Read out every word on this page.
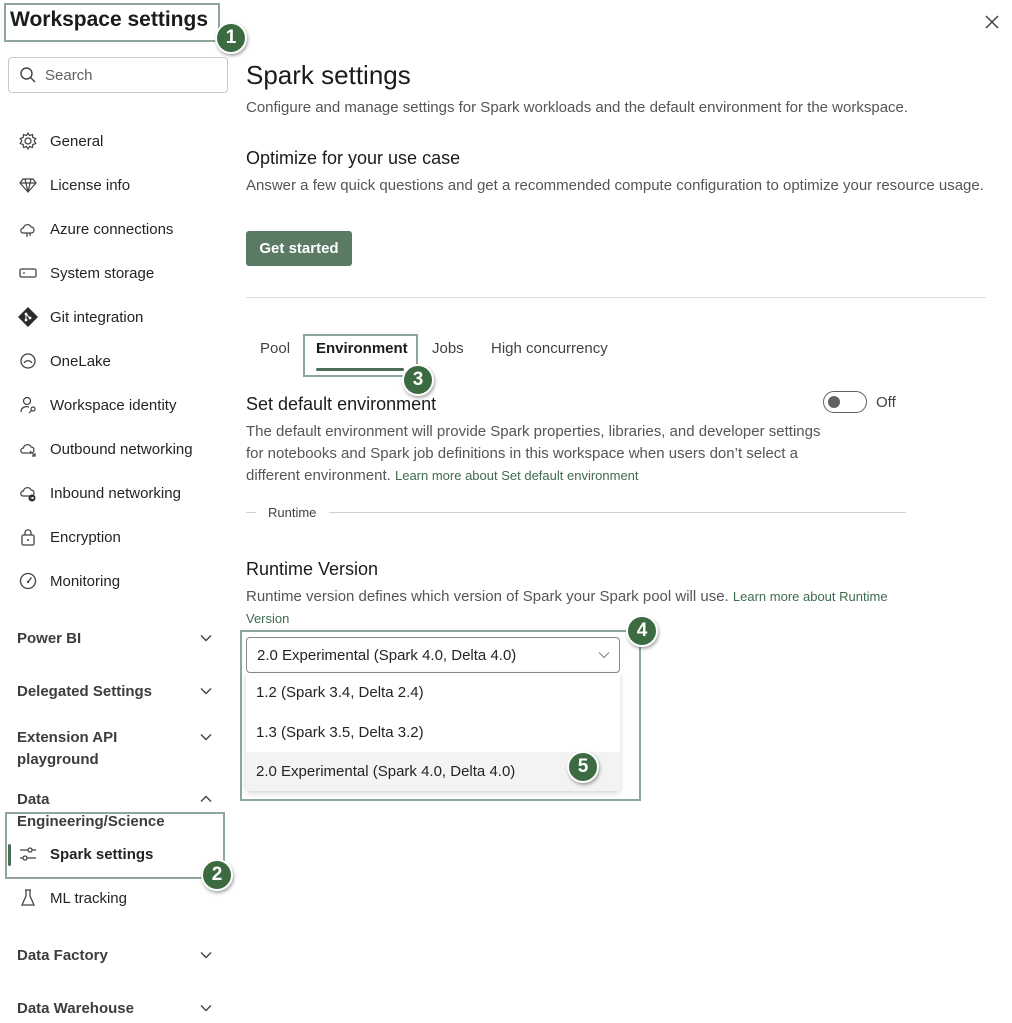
Workspace settings
1
Search
General
License info
Azure connections
System storage
Git integration
OneLake
Workspace identity
Outbound networking
Inbound networking
Encryption
Monitoring
Power BI
Delegated Settings
Extension API
playground
Data
Engineering/Science
Spark settings
2
ML tracking
Data Factory
Data Warehouse
Spark settings
Configure and manage settings for Spark workloads and the default environment for the workspace.
Optimize for your use case
Answer a few quick questions and get a recommended compute configuration to optimize your resource usage.
Get started
Pool Environment Jobs High concurrency
3
Set default environment	Off
The default environment will provide Spark properties, libraries, and developer settings for notebooks and Spark job definitions in this workspace when users don’t select a different environment. Learn more about Set default environment
Runtime
Runtime Version
Runtime version defines which version of Spark your Spark pool will use. Learn more about Runtime Version
2.0 Experimental (Spark 4.0, Delta 4.0)
4
1.2 (Spark 3.4, Delta 2.4)
1.3 (Spark 3.5, Delta 3.2)
2.0 Experimental (Spark 4.0, Delta 4.0)	5
